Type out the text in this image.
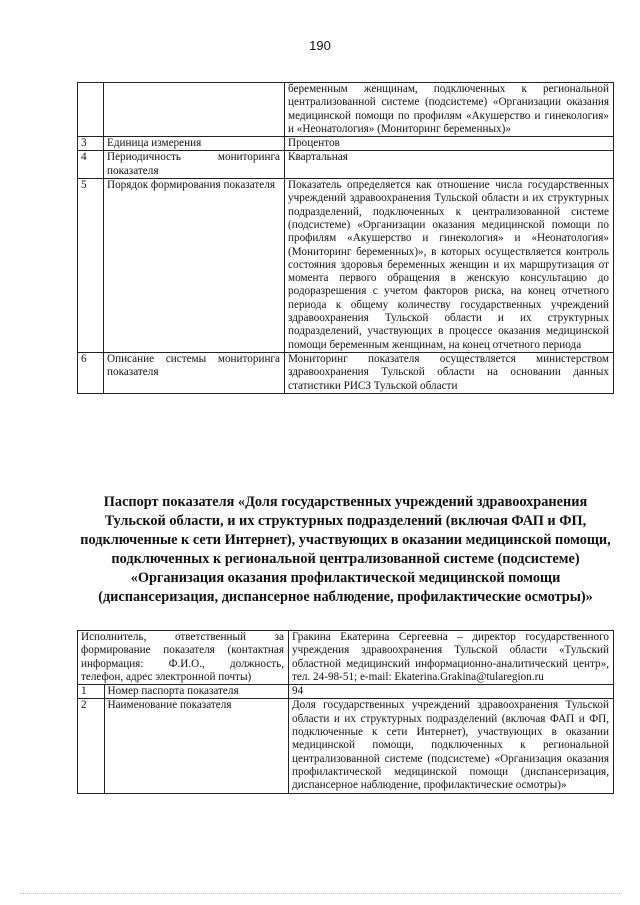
190
		беременным женщинам, подключенных к региональной централизованной системе (подсистеме) «Организации оказания медицинской помощи по профилям «Акушерство и гинекология» и «Неонатология» (Мониторинг беременных)»
3	Единица измерения	Процентов
4	Периодичность мониторинга показателя	Квартальная
5	Порядок формирования показателя	Показатель определяется как отношение числа государственных учреждений здравоохранения Тульской области и их структурных подразделений, подключенных к централизованной системе (подсистеме) «Организации оказания медицинской помощи по профилям «Акушерство и гинекология» и «Неонатология» (Мониторинг беременных)», в которых осуществляется контроль состояния здоровья беременных женщин и их маршрутизация от момента первого обращения в женскую консультацию до родоразрешения с учетом факторов риска, на конец отчетного периода к общему количеству государственных учреждений здравоохранения Тульской области и их структурных подразделений, участвующих в процессе оказания медицинской помощи беременным женщинам, на конец отчетного периода
6	Описание системы мониторинга показателя	Мониторинг показателя осуществляется министерством здравоохранения Тульской области на основании данных статистики РИСЗ Тульской области
Паспорт показателя «Доля государственных учреждений здравоохранения Тульской области, и их структурных подразделений (включая ФАП и ФП, подключенные к сети Интернет), участвующих в оказании медицинской помощи, подключенных к региональной централизованной системе (подсистеме) «Организация оказания профилактической медицинской помощи (диспансеризация, диспансерное наблюдение, профилактические осмотры)»
Исполнитель, ответственный за формирование показателя (контактная информация: Ф.И.О., должность, телефон, адрес электронной почты)		Гракина Екатерина Сергеевна – директор государственного учреждения здравоохранения Тульской области «Тульский областной медицинский информационно-аналитический центр», тел. 24-98-51; e-mail: Ekaterina.Grakina@tularegion.ru
1	Номер паспорта показателя	94
2	Наименование показателя	Доля государственных учреждений здравоохранения Тульской области и их структурных подразделений (включая ФАП и ФП, подключенные к сети Интернет), участвующих в оказании медицинской помощи, подключенных к региональной централизованной системе (подсистеме) «Организация оказания профилактической медицинской помощи (диспансеризация, диспансерное наблюдение, профилактические осмотры)»
